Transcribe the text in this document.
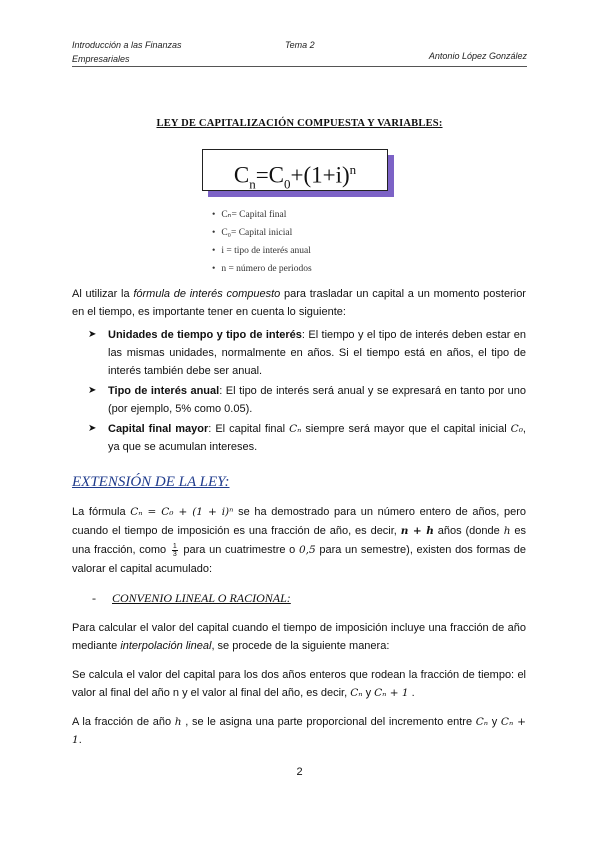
Introducción a las Finanzas
Empresariales
Tema 2
Antonio López González
LEY DE CAPITALIZACIÓN COMPUESTA Y VARIABLES:
$C_n=C_0+(1+i)^n$
• Cₙ= Capital final
• C₀= Capital inicial
• i = tipo de interés anual
• n = número de periodos
Al utilizar la fórmula de interés compuesto para trasladar un capital a un momento posterior en el tiempo, es importante tener en cuenta lo siguiente:
➤ Unidades de tiempo y tipo de interés: El tiempo y el tipo de interés deben estar en las mismas unidades, normalmente en años. Si el tiempo está en años, el tipo de interés también debe ser anual.
➤ Tipo de interés anual: El tipo de interés será anual y se expresará en tanto por uno (por ejemplo, 5% como 0.05).
➤ Capital final mayor: El capital final Cₙ siempre será mayor que el capital inicial C₀, ya que se acumulan intereses.
EXTENSIÓN DE LA LEY:
La fórmula Cₙ = C₀ + (1 + i)ⁿ se ha demostrado para un número entero de años, pero cuando el tiempo de imposición es una fracción de año, es decir, n + h años (donde h es una fracción, como $\frac{1}{3}$ para un cuatrimestre o 0,5 para un semestre), existen dos formas de valorar el capital acumulado:
- CONVENIO LINEAL O RACIONAL:
Para calcular el valor del capital cuando el tiempo de imposición incluye una fracción de año mediante interpolación lineal, se procede de la siguiente manera:
Se calcula el valor del capital para los dos años enteros que rodean la fracción de tiempo: el valor al final del año n y el valor al final del año, es decir, Cₙ y Cₙ + 1 .
A la fracción de año h , se le asigna una parte proporcional del incremento entre Cₙ y Cₙ + 1.
2
